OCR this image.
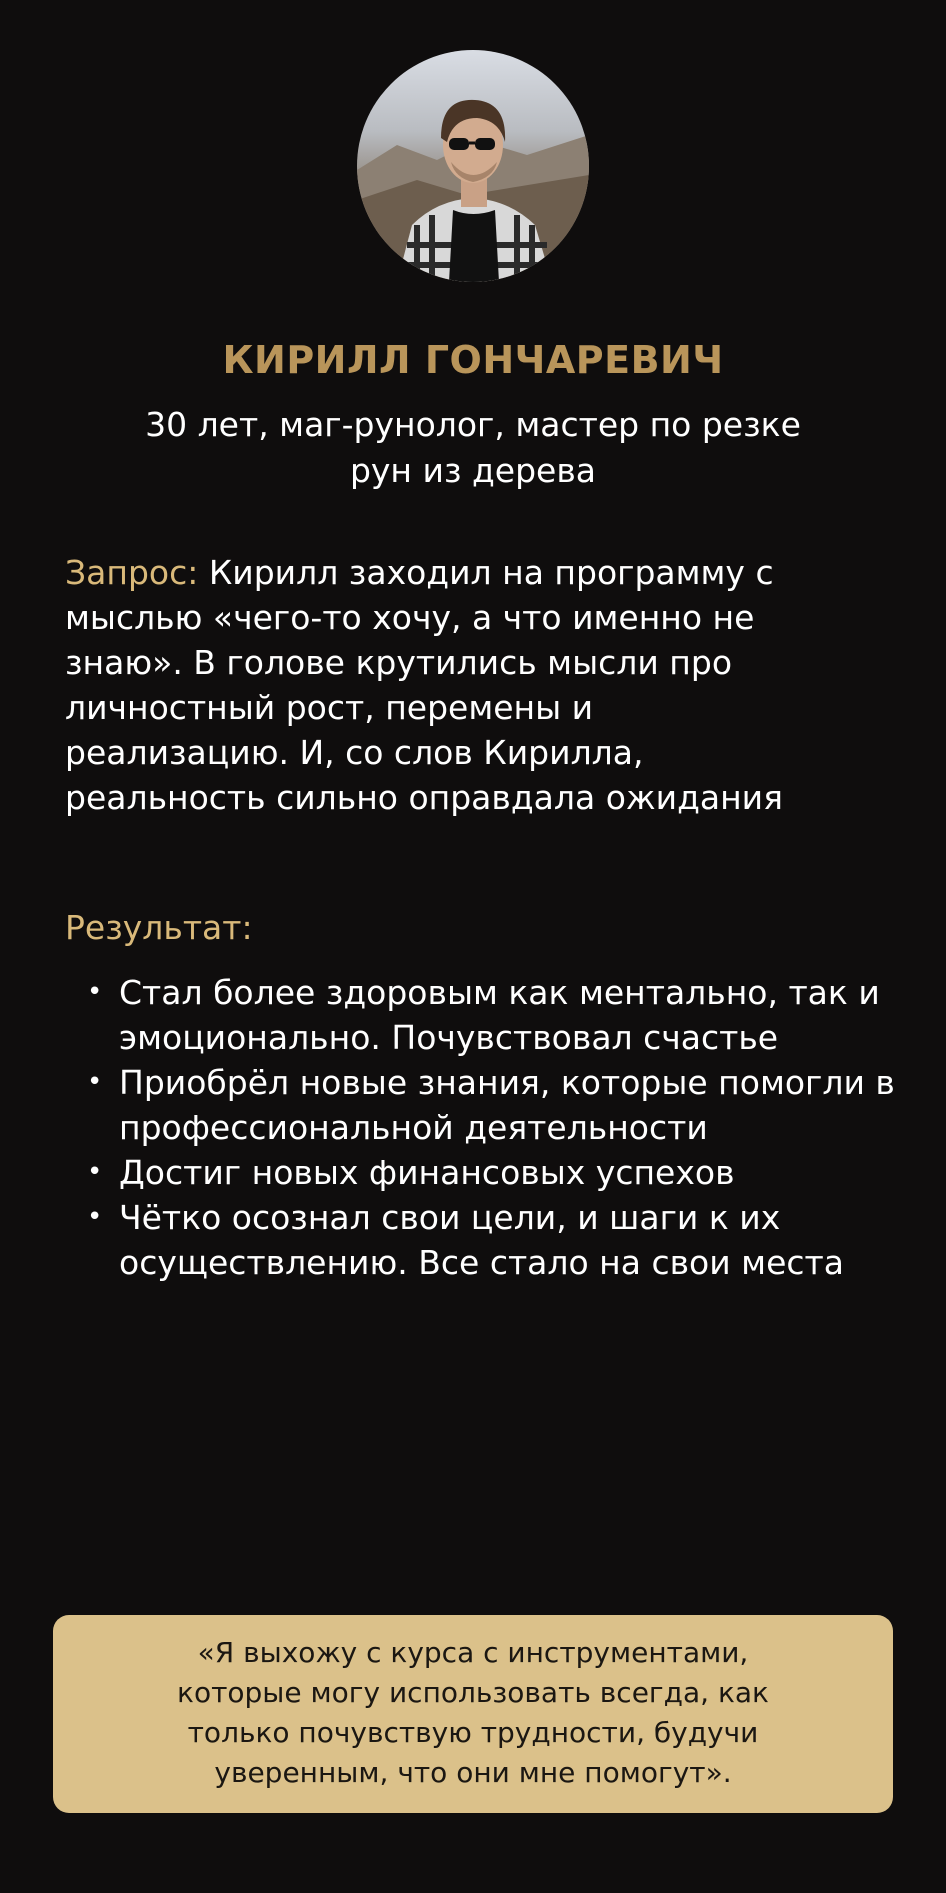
КИРИЛЛ ГОНЧАРЕВИЧ
30 лет, маг-рунолог, мастер по резке рун из дерева
Запрос: Кирилл заходил на программу с мыслью «чего-то хочу, а что именно не знаю». В голове крутились мысли про личностный рост, перемены и реализацию. И, со слов Кирилла, реальность сильно оправдала ожидания
Результат:
• Стал более здоровым как ментально, так и эмоционально. Почувствовал счастье
• Приобрёл новые знания, которые помогли в профессиональной деятельности
• Достиг новых финансовых успехов
• Чётко осознал свои цели, и шаги к их осуществлению. Все стало на свои места
«Я выхожу с курса с инструментами, которые могу использовать всегда, как только почувствую трудности, будучи уверенным, что они мне помогут».
